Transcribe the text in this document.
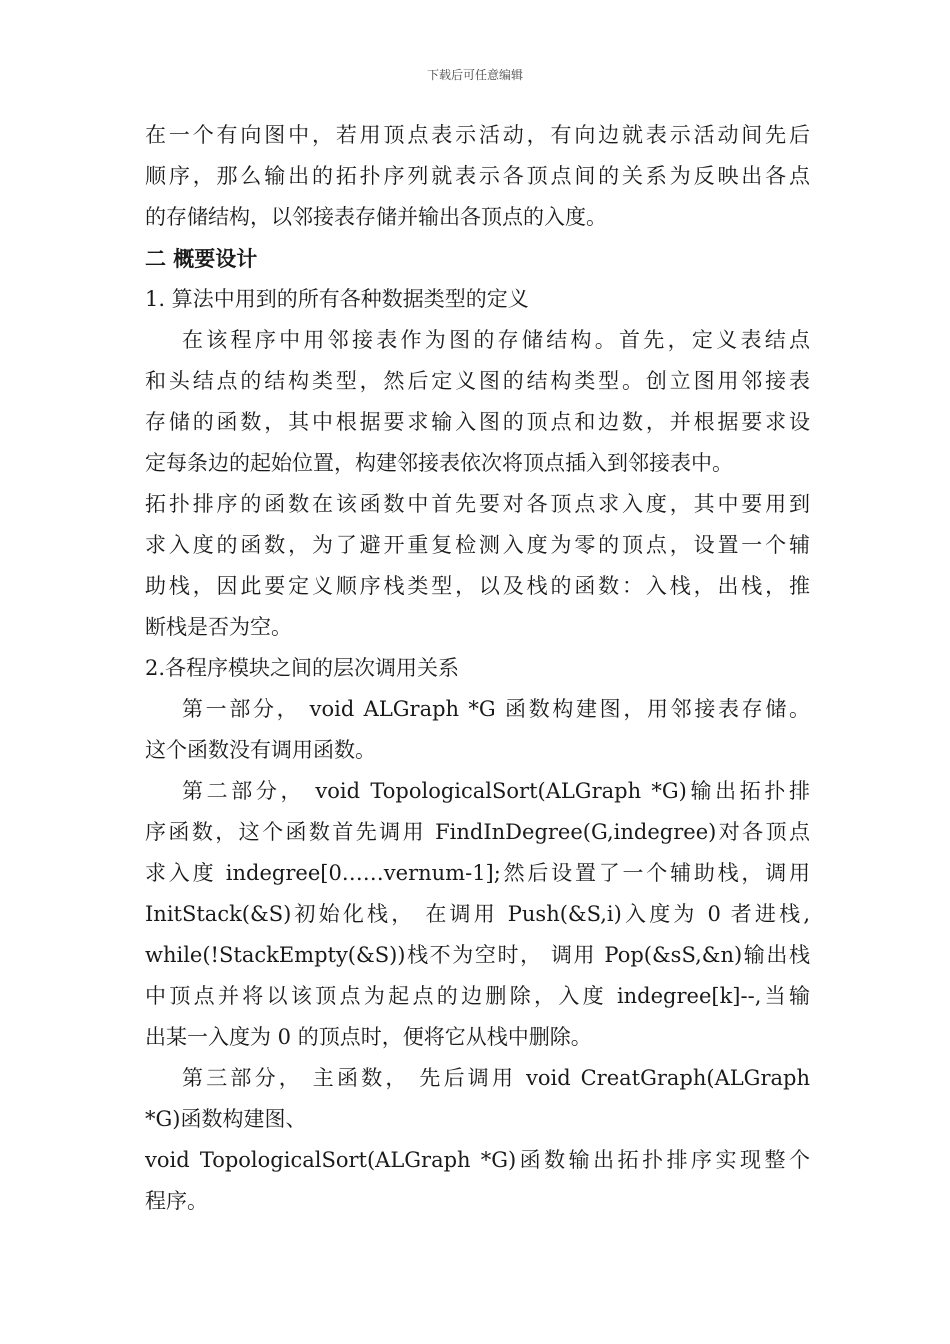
下载后可任意编辑
在一个有向图中，若用顶点表示活动，有向边就表示活动间先后
顺序，那么输出的拓扑序列就表示各顶点间的关系为反映出各点
的存储结构，以邻接表存储并输出各顶点的入度。
二 概要设计
1. 算法中用到的所有各种数据类型的定义
在该程序中用邻接表作为图的存储结构。首先，定义表结点
和头结点的结构类型，然后定义图的结构类型。创立图用邻接表
存储的函数，其中根据要求输入图的顶点和边数，并根据要求设
定每条边的起始位置，构建邻接表依次将顶点插入到邻接表中。
拓扑排序的函数在该函数中首先要对各顶点求入度，其中要用到
求入度的函数，为了避开重复检测入度为零的顶点，设置一个辅
助栈，因此要定义顺序栈类型，以及栈的函数：入栈，出栈，推
断栈是否为空。
2.各程序模块之间的层次调用关系
第一部分， void ALGraph *G 函数构建图，用邻接表存储。
这个函数没有调用函数。
第二部分， void TopologicalSort(ALGraph *G)输出拓扑排
序函数，这个函数首先调用 FindInDegree(G,indegree)对各顶点
求入度 indegree[0……vernum-1];然后设置了一个辅助栈，调用
InitStack(&S)初始化栈， 在调用 Push(&S,i)入度为 0 者进栈,
while(!StackEmpty(&S))栈不为空时， 调用 Pop(&sS,&n)输出栈
中顶点并将以该顶点为起点的边删除，入度 indegree[k]--,当输
出某一入度为 0 的顶点时，便将它从栈中删除。
第三部分， 主函数， 先后调用 void CreatGraph(ALGraph
*G)函数构建图、
void TopologicalSort(ALGraph *G)函数输出拓扑排序实现整个
程序。
